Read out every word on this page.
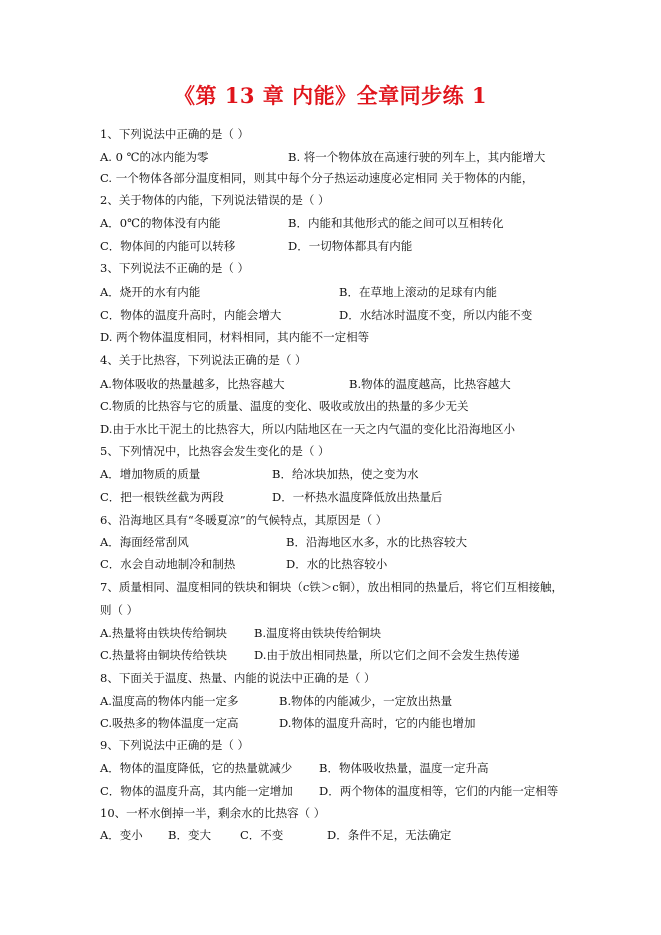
《第 13 章 内能》全章同步练 1
1、下列说法中正确的是（ ）
A. 0 ℃的冰内能为零	B. 将一个物体放在高速行驶的列车上，其内能增大
C. 一个物体各部分温度相同，则其中每个分子热运动速度必定相同 关于物体的内能，
2、关于物体的内能，下列说法错误的是（ ）
A．0℃的物体没有内能	B．内能和其他形式的能之间可以互相转化
C．物体间的内能可以转移	D．一切物体都具有内能
3、下列说法不正确的是（ ）
A．烧开的水有内能	B．在草地上滚动的足球有内能
C．物体的温度升高时，内能会增大	D．水结冰时温度不变，所以内能不变
D. 两个物体温度相同，材料相同，其内能不一定相等
4、关于比热容，下列说法正确的是（ ）
A.物体吸收的热量越多，比热容越大	B.物体的温度越高，比热容越大
C.物质的比热容与它的质量、温度的变化、吸收或放出的热量的多少无关
D.由于水比干泥土的比热容大，所以内陆地区在一天之内气温的变化比沿海地区小
5、下列情况中，比热容会发生变化的是（ ）
A．增加物质的质量	B．给冰块加热，使之变为水
C．把一根铁丝截为两段	D．一杯热水温度降低放出热量后
6、沿海地区具有“冬暖夏凉”的气候特点，其原因是（ ）
A．海面经常刮风	B．沿海地区水多，水的比热容较大
C．水会自动地制冷和制热	D．水的比热容较小
7、质量相同、温度相同的铁块和铜块（c铁＞c铜），放出相同的热量后，将它们互相接触，
则（ ）
A.热量将由铁块传给铜块 B.温度将由铁块传给铜块
C.热量将由铜块传给铁块 D.由于放出相同热量，所以它们之间不会发生热传递
8、下面关于温度、热量、内能的说法中正确的是（ ）
A.温度高的物体内能一定多	B.物体的内能减少，一定放出热量
C.吸热多的物体温度一定高	D.物体的温度升高时，它的内能也增加
9、下列说法中正确的是（ ）
A．物体的温度降低，它的热量就减少 B．物体吸收热量，温度一定升高
C．物体的温度升高，其内能一定增加 D．两个物体的温度相等，它们的内能一定相等
10、一杯水倒掉一半，剩余水的比热容（ ）
A．变小 B．变大	C．不变	D．条件不足，无法确定
